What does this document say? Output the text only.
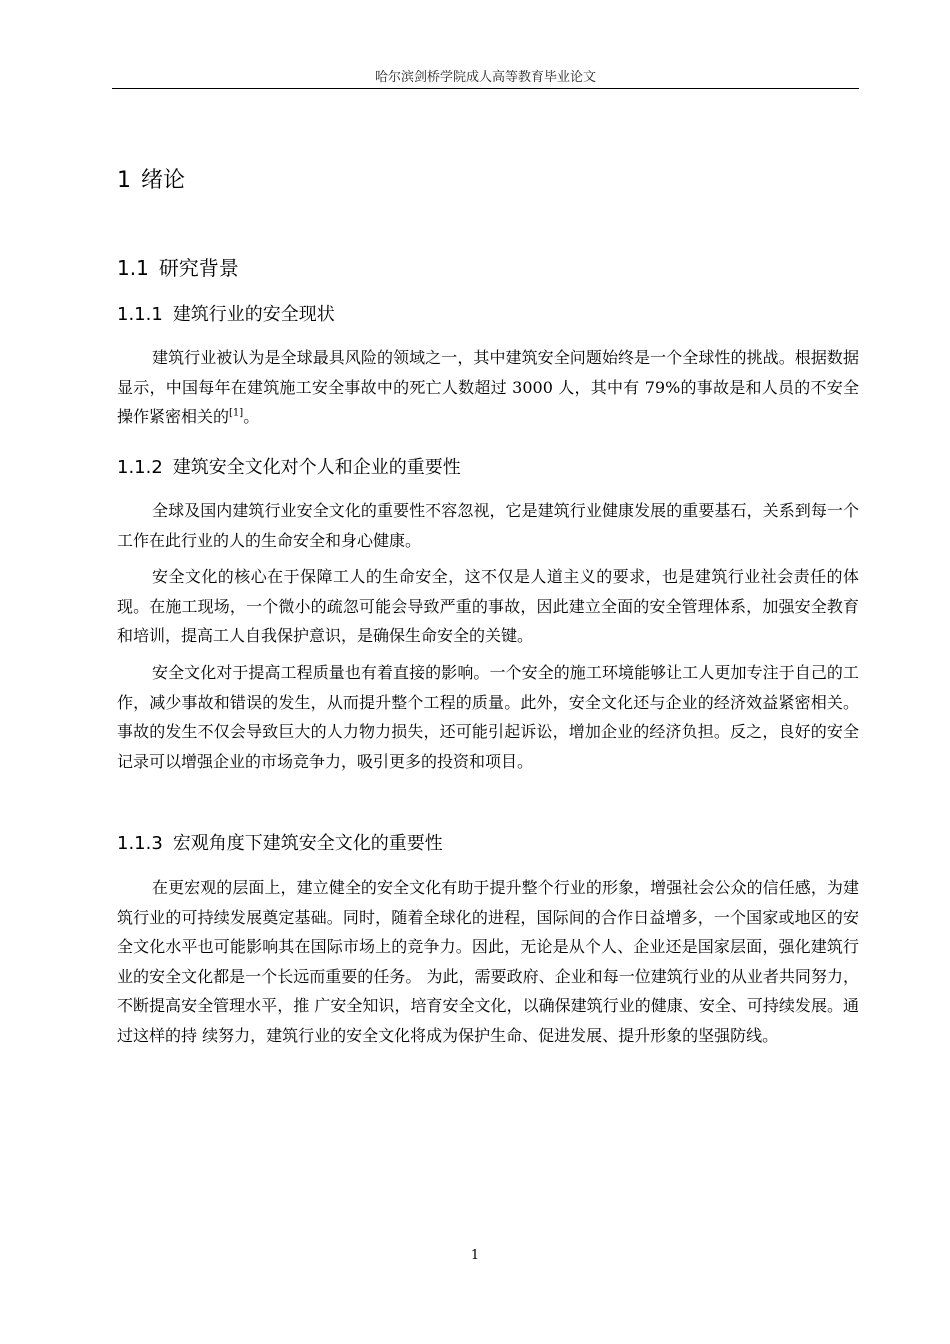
哈尔滨剑桥学院成人高等教育毕业论文
1 绪论
1.1 研究背景
1.1.1 建筑行业的安全现状

建筑行业被认为是全球最具风险的领域之一，其中建筑安全问题始终是一个全球性的挑战。根据数据显示，中国每年在建筑施工安全事故中的死亡人数超过 3000 人，其中有 79%的事故是和人员的不安全操作紧密相关的[1]。

1.1.2 建筑安全文化对个人和企业的重要性

全球及国内建筑行业安全文化的重要性不容忽视，它是建筑行业健康发展的重要基石，关系到每一个工作在此行业的人的生命安全和身心健康。

安全文化的核心在于保障工人的生命安全，这不仅是人道主义的要求，也是建筑行业社会责任的体现。在施工现场，一个微小的疏忽可能会导致严重的事故，因此建立全面的安全管理体系，加强安全教育和培训，提高工人自我保护意识，是确保生命安全的关键。

安全文化对于提高工程质量也有着直接的影响。一个安全的施工环境能够让工人更加专注于自己的工作，减少事故和错误的发生，从而提升整个工程的质量。此外，安全文化还与企业的经济效益紧密相关。事故的发生不仅会导致巨大的人力物力损失，还可能引起诉讼，增加企业的经济负担。反之，良好的安全记录可以增强企业的市场竞争力，吸引更多的投资和项目。

1.1.3 宏观角度下建筑安全文化的重要性

在更宏观的层面上，建立健全的安全文化有助于提升整个行业的形象，增强社会公众的信任感，为建筑行业的可持续发展奠定基础。同时，随着全球化的进程，国际间的合作日益增多，一个国家或地区的安全文化水平也可能影响其在国际市场上的竞争力。因此，无论是从个人、企业还是国家层面，强化建筑行业的安全文化都是一个长远而重要的任务。 为此，需要政府、企业和每一位建筑行业的从业者共同努力，不断提高安全管理水平，推 广安全知识，培育安全文化，以确保建筑行业的健康、安全、可持续发展。通过这样的持 续努力，建筑行业的安全文化将成为保护生命、促进发展、提升形象的坚强防线。

1
